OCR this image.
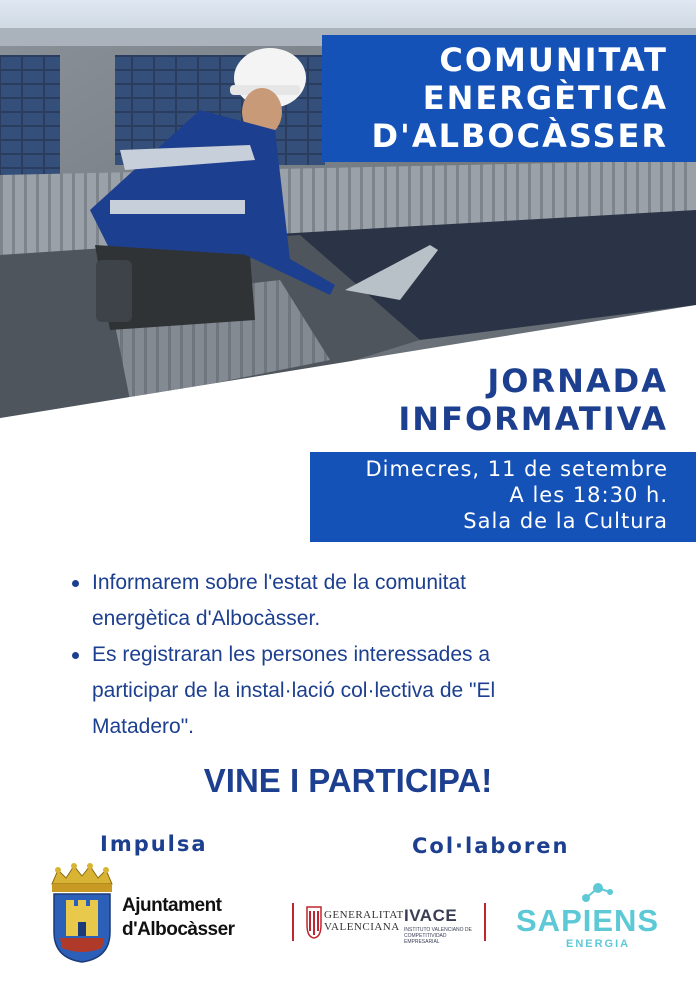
COMUNITAT
ENERGÈTICA
D'ALBOCÀSSER
JORNADA
INFORMATIVA
Dimecres, 11 de setembre
A les 18:30 h.
Sala de la Cultura
Informarem sobre l'estat de la comunitat
energètica d'Albocàsser.
Es registraran les persones interessades a
participar de la instal·lació col·lectiva de "El
Matadero".
VINE I PARTICIPA!
Impulsa	Col·laboren
Ajuntament
d'Albocàsser
GENERALITAT
VALENCIANA
IVACE
INSTITUTO VALENCIANO DE
COMPETITIVIDAD EMPRESARIAL
SAPIENS
ENERGIA
